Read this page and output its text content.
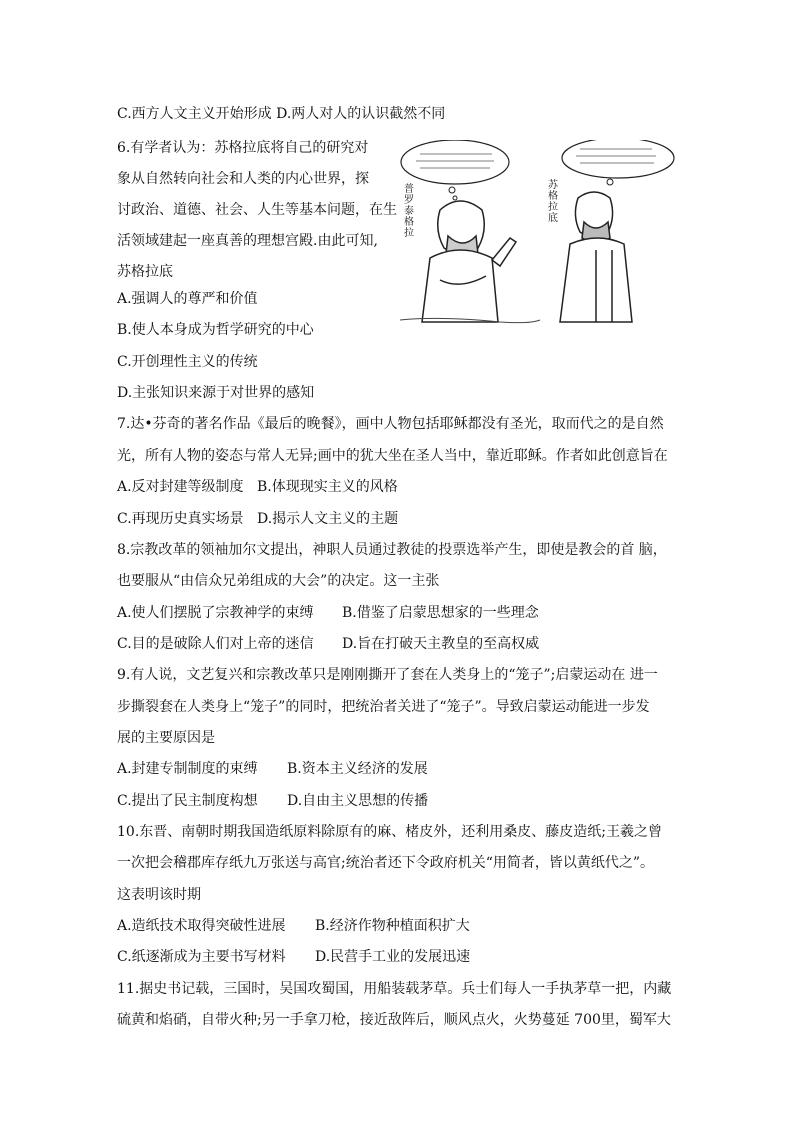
C.西方人文主义开始形成 D.两人对人的认识截然不同
6.有学者认为：苏格拉底将自己的研究对
象从自然转向社会和人类的内心世界，探
讨政治、道德、社会、人生等基本问题，在生
活领域建起一座真善的理想宫殿.由此可知,
苏格拉底
普罗泰格拉
苏格拉底
A.强调人的尊严和价值
B.使人本身成为哲学研究的中心
C.开创理性主义的传统
D.主张知识来源于对世界的感知
7.达•芬奇的著名作品《最后的晚餐》，画中人物包括耶稣都没有圣光，取而代之的是自然
光，所有人物的姿态与常人无异;画中的犹大坐在圣人当中，靠近耶稣。作者如此创意旨在
A.反对封建等级制度 B.体现现实主义的风格
C.再现历史真实场景 D.揭示人文主义的主题
8.宗教改革的领袖加尔文提出，神职人员通过教徒的投票选举产生，即使是教会的首 脑，
也要服从“由信众兄弟组成的大会”的决定。这一主张
A.使人们摆脱了宗教神学的束缚 B.借鉴了启蒙思想家的一些理念
C.目的是破除人们对上帝的迷信 D.旨在打破天主教皇的至高权威
9.有人说，文艺复兴和宗教改革只是刚刚撕开了套在人类身上的“笼子”;启蒙运动在 进一
步撕裂套在人类身上“笼子”的同时，把统治者关进了“笼子”。导致启蒙运动能进一步发
展的主要原因是
A.封建专制制度的束缚 B.资本主义经济的发展
C.提出了民主制度构想 D.自由主义思想的传播
10.东晋、南朝时期我国造纸原料除原有的麻、楮皮外，还利用桑皮、藤皮造纸;王羲之曾
一次把会稽郡库存纸九万张送与高官;统治者还下令政府机关“用简者，皆以黄纸代之”。
这表明该时期
A.造纸技术取得突破性进展 B.经济作物种植面积扩大
C.纸逐渐成为主要书写材料 D.民营手工业的发展迅速
11.据史书记载，三国时，吴国攻蜀国，用船装载茅草。兵士们每人一手执茅草一把，内藏
硫黄和焰硝，自带火种;另一手拿刀枪，接近敌阵后，顺风点火，火势蔓延 700里，蜀军大
